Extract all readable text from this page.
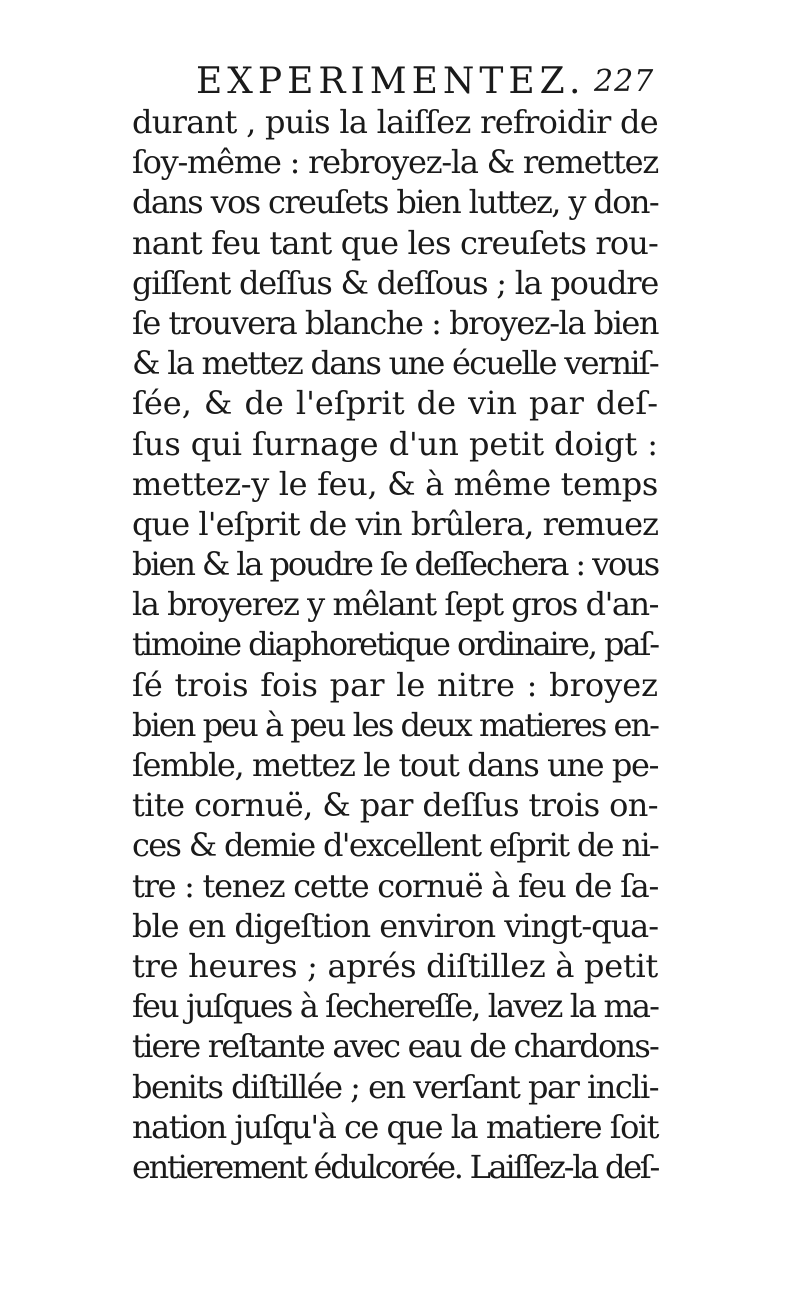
EXPERIMENTEZ. 227
durant , puis la laiſſez refroidir de
ſoy-même : rebroyez-la & remettez
dans vos creuſets bien luttez, y don-
nant feu tant que les creuſets rou-
giſſent deſſus & deſſous ; la poudre
ſe trouvera blanche : broyez-la bien
& la mettez dans une écuelle verniſ-
ſée, & de l'eſprit de vin par deſ-
ſus qui ſurnage d'un petit doigt :
mettez-y le feu, & à même temps
que l'eſprit de vin brûlera, remuez
bien & la poudre ſe deſſechera : vous
la broyerez y mêlant ſept gros d'an-
timoine diaphoretique ordinaire, paſ-
ſé trois fois par le nitre : broyez
bien peu à peu les deux matieres en-
ſemble, mettez le tout dans une pe-
tite cornuë, & par deſſus trois on-
ces & demie d'excellent eſprit de ni-
tre : tenez cette cornuë à feu de ſa-
ble en digeſtion environ vingt-qua-
tre heures ; aprés diſtillez à petit
feu juſques à ſechereſſe, lavez la ma-
tiere reſtante avec eau de chardons-
benits diſtillée ; en verſant par incli-
nation juſqu'à ce que la matiere ſoit
entierement édulcorée. Laiſſez-la deſ-
